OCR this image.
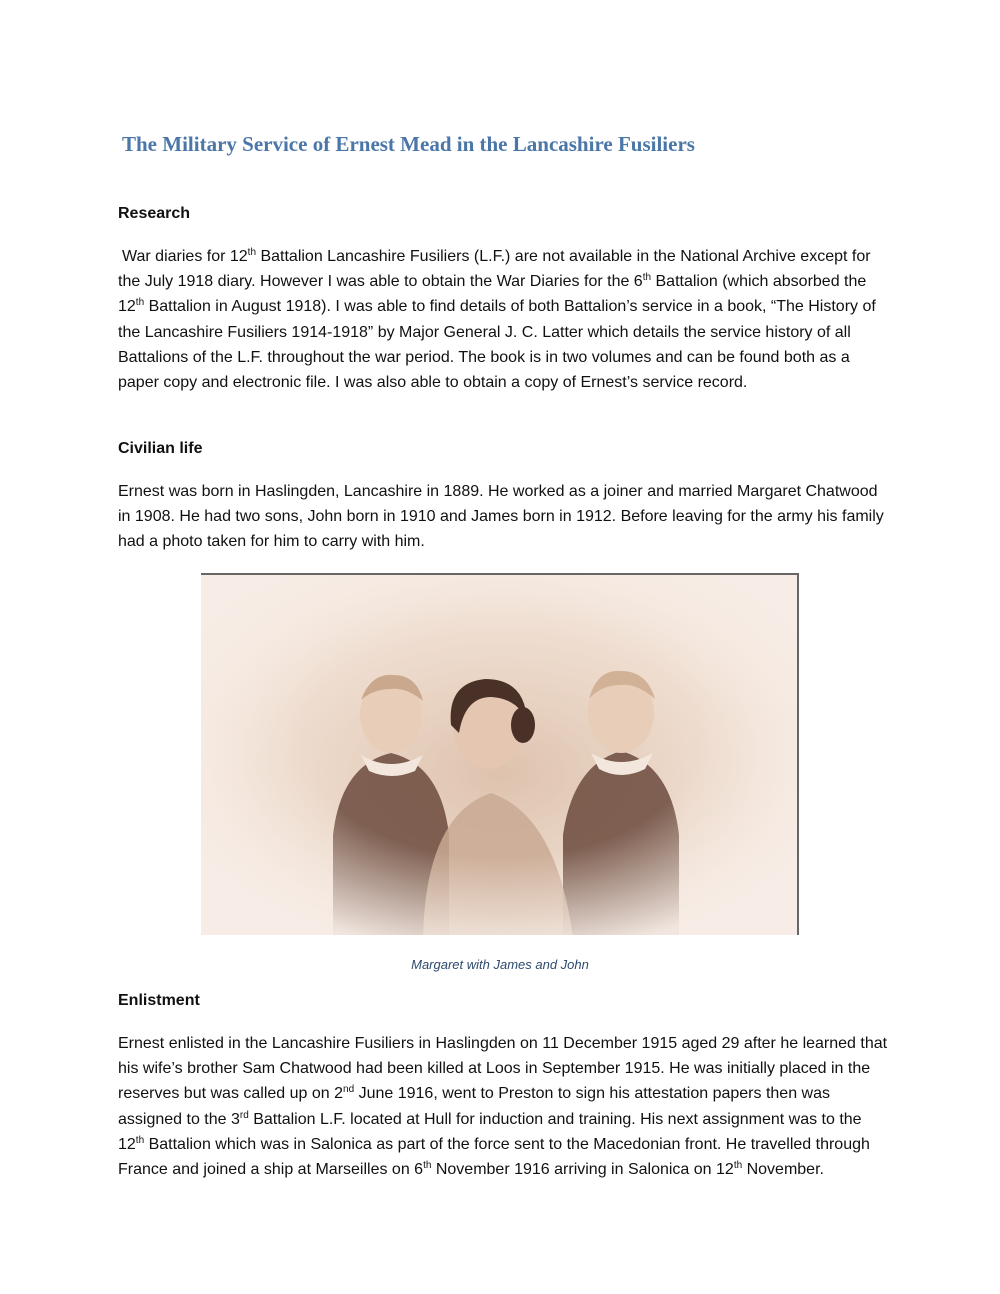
The Military Service of Ernest Mead in the Lancashire Fusiliers
Research

War diaries for 12th Battalion Lancashire Fusiliers (L.F.) are not available in the National Archive except for the July 1918 diary. However I was able to obtain the War Diaries for the 6th Battalion (which absorbed the 12th Battalion in August 1918). I was able to find details of both Battalion’s service in a book, “The History of the Lancashire Fusiliers 1914-1918” by Major General J. C. Latter which details the service history of all Battalions of the L.F. throughout the war period. The book is in two volumes and can be found both as a paper copy and electronic file. I was also able to obtain a copy of Ernest’s service record.

Civilian life

Ernest was born in Haslingden, Lancashire in 1889. He worked as a joiner and married Margaret Chatwood in 1908. He had two sons, John born in 1910 and James born in 1912. Before leaving for the army his family had a photo taken for him to carry with him.

Margaret with James and John

Enlistment

Ernest enlisted in the Lancashire Fusiliers in Haslingden on 11 December 1915 aged 29 after he learned that his wife’s brother Sam Chatwood had been killed at Loos in September 1915. He was initially placed in the reserves but was called up on 2nd June 1916, went to Preston to sign his attestation papers then was assigned to the 3rd Battalion L.F. located at Hull for induction and training. His next assignment was to the 12th Battalion which was in Salonica as part of the force sent to the Macedonian front. He travelled through France and joined a ship at Marseilles on 6th November 1916 arriving in Salonica on 12th November.
